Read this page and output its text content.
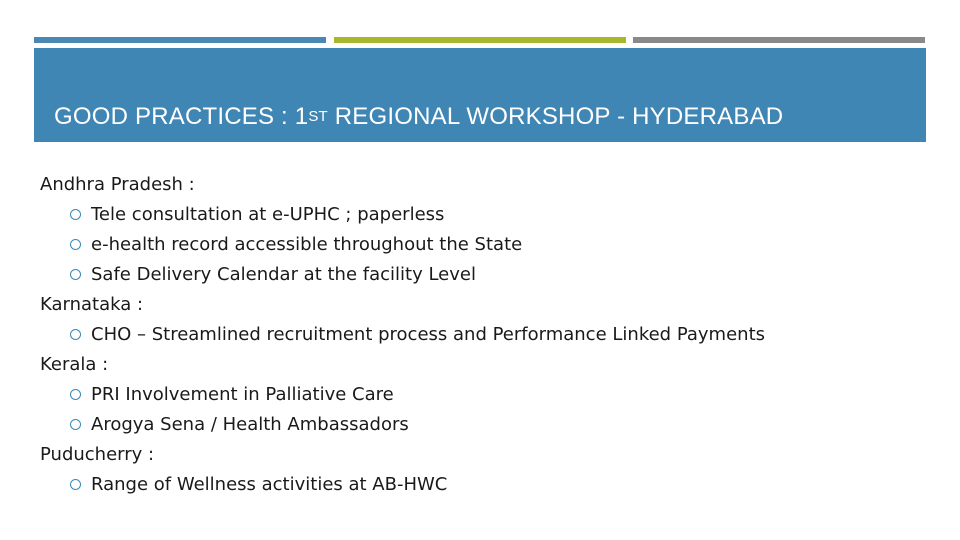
GOOD PRACTICES : 1ST REGIONAL WORKSHOP - HYDERABAD
Andhra Pradesh :
Tele consultation at e-UPHC ; paperless
e-health record accessible throughout the State
Safe Delivery Calendar at the facility Level
Karnataka :
CHO – Streamlined recruitment process and Performance Linked Payments
Kerala :
PRI Involvement in Palliative Care
Arogya Sena / Health Ambassadors
Puducherry :
Range of Wellness activities at AB-HWC
